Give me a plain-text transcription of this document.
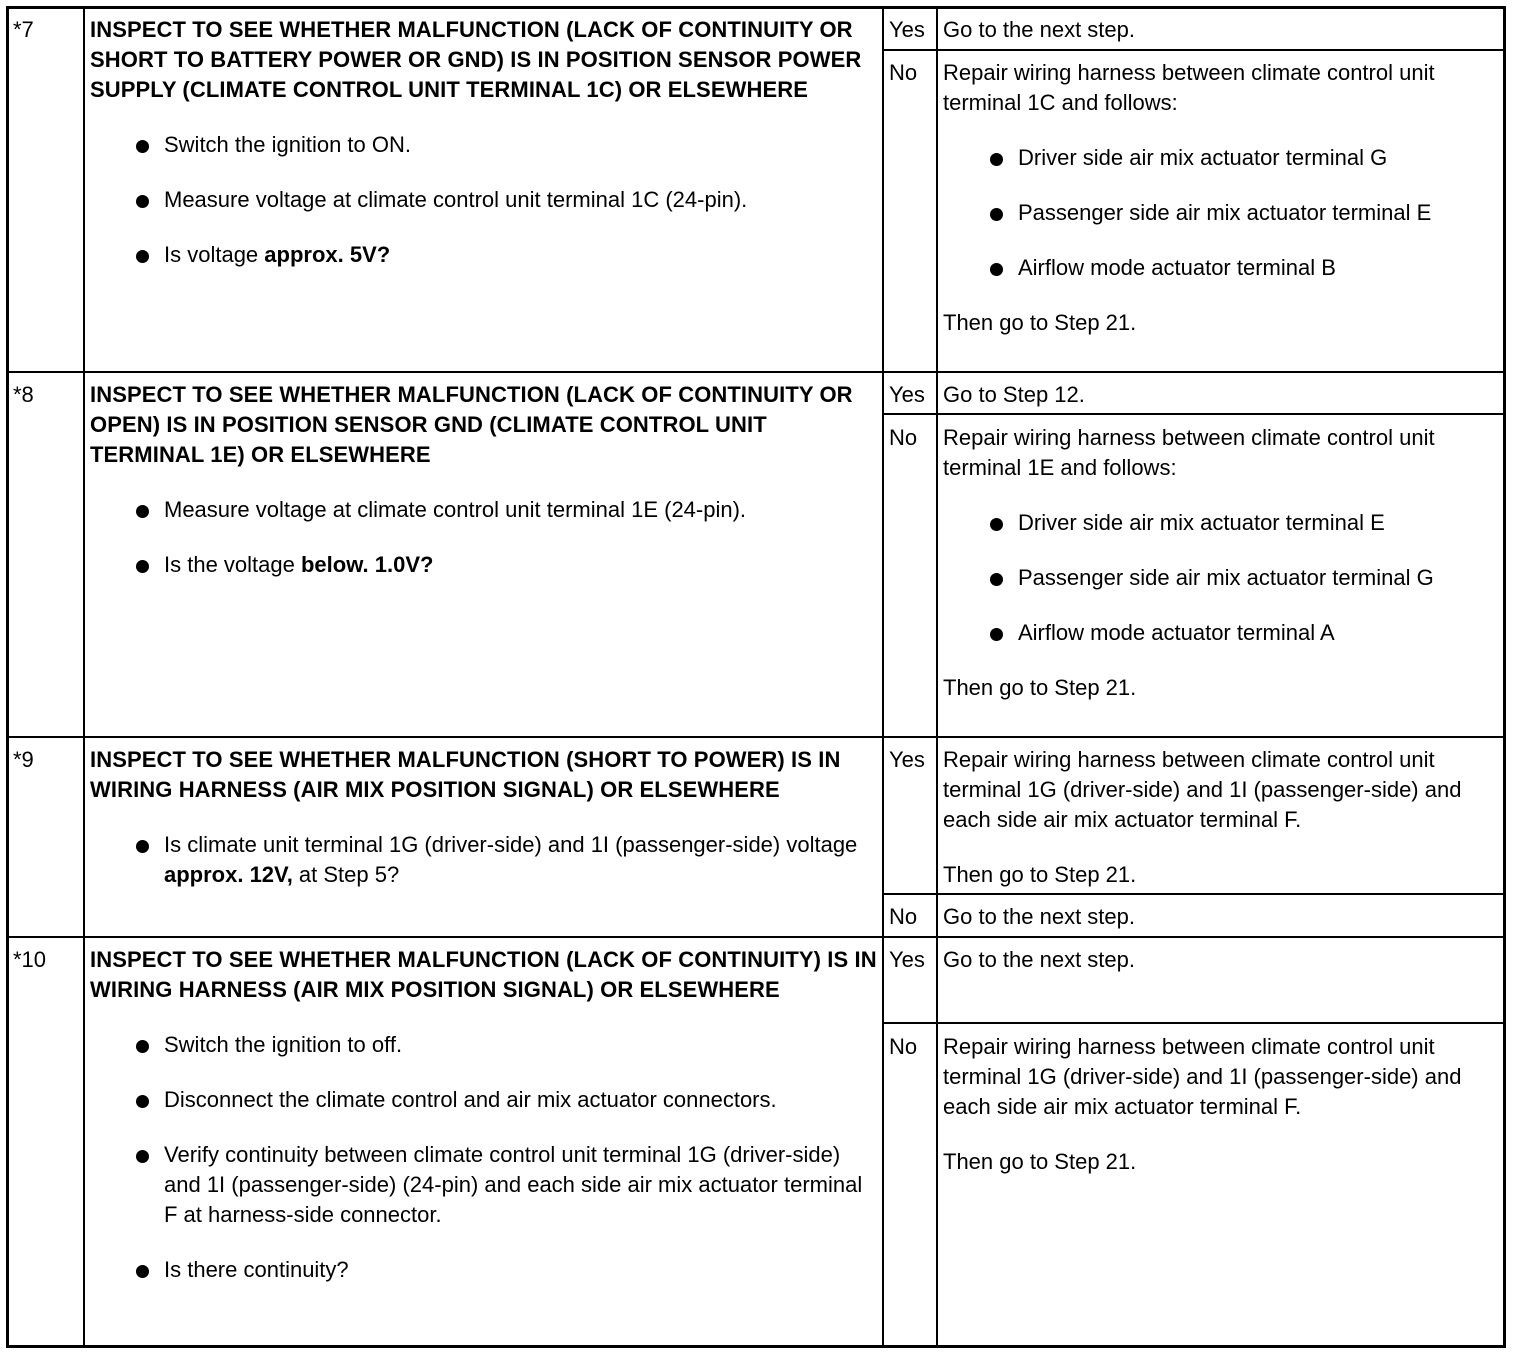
*7	INSPECT TO SEE WHETHER MALFUNCTION (LACK OF CONTINUITY OR SHORT TO BATTERY POWER OR GND) IS IN POSITION SENSOR POWER SUPPLY (CLIMATE CONTROL UNIT TERMINAL 1C) OR ELSEWHERE

Switch the ignition to ON.
Measure voltage at climate control unit terminal 1C (24-pin).
Is voltage approx. 5V?
Yes Go to the next step.

No Repair wiring harness between climate control unit terminal 1C and follows:

Driver side air mix actuator terminal G
Passenger side air mix actuator terminal E
Airflow mode actuator terminal B

Then go to Step 21.

*8	INSPECT TO SEE WHETHER MALFUNCTION (LACK OF CONTINUITY OR OPEN) IS IN POSITION SENSOR GND (CLIMATE CONTROL UNIT TERMINAL 1E) OR ELSEWHERE

Measure voltage at climate control unit terminal 1E (24-pin).
Is the voltage below. 1.0V?
Yes Go to Step 12.

No Repair wiring harness between climate control unit terminal 1E and follows:

Driver side air mix actuator terminal E
Passenger side air mix actuator terminal G
Airflow mode actuator terminal A

Then go to Step 21.

*9	INSPECT TO SEE WHETHER MALFUNCTION (SHORT TO POWER) IS IN WIRING HARNESS (AIR MIX POSITION SIGNAL) OR ELSEWHERE

Is climate unit terminal 1G (driver-side) and 1I (passenger-side) voltage approx. 12V, at Step 5?
Yes Repair wiring harness between climate control unit terminal 1G (driver-side) and 1I (passenger-side) and each side air mix actuator terminal F.

Then go to Step 21.

No Go to the next step.

*10 INSPECT TO SEE WHETHER MALFUNCTION (LACK OF CONTINUITY) IS IN WIRING HARNESS (AIR MIX POSITION SIGNAL) OR ELSEWHERE

Switch the ignition to off.
Disconnect the climate control and air mix actuator connectors.
Verify continuity between climate control unit terminal 1G (driver-side) and 1I (passenger-side) (24-pin) and each side air mix actuator terminal F at harness-side connector.
Is there continuity?
Yes Go to the next step.

No Repair wiring harness between climate control unit terminal 1G (driver-side) and 1I (passenger-side) and each side air mix actuator terminal F.

Then go to Step 21.
